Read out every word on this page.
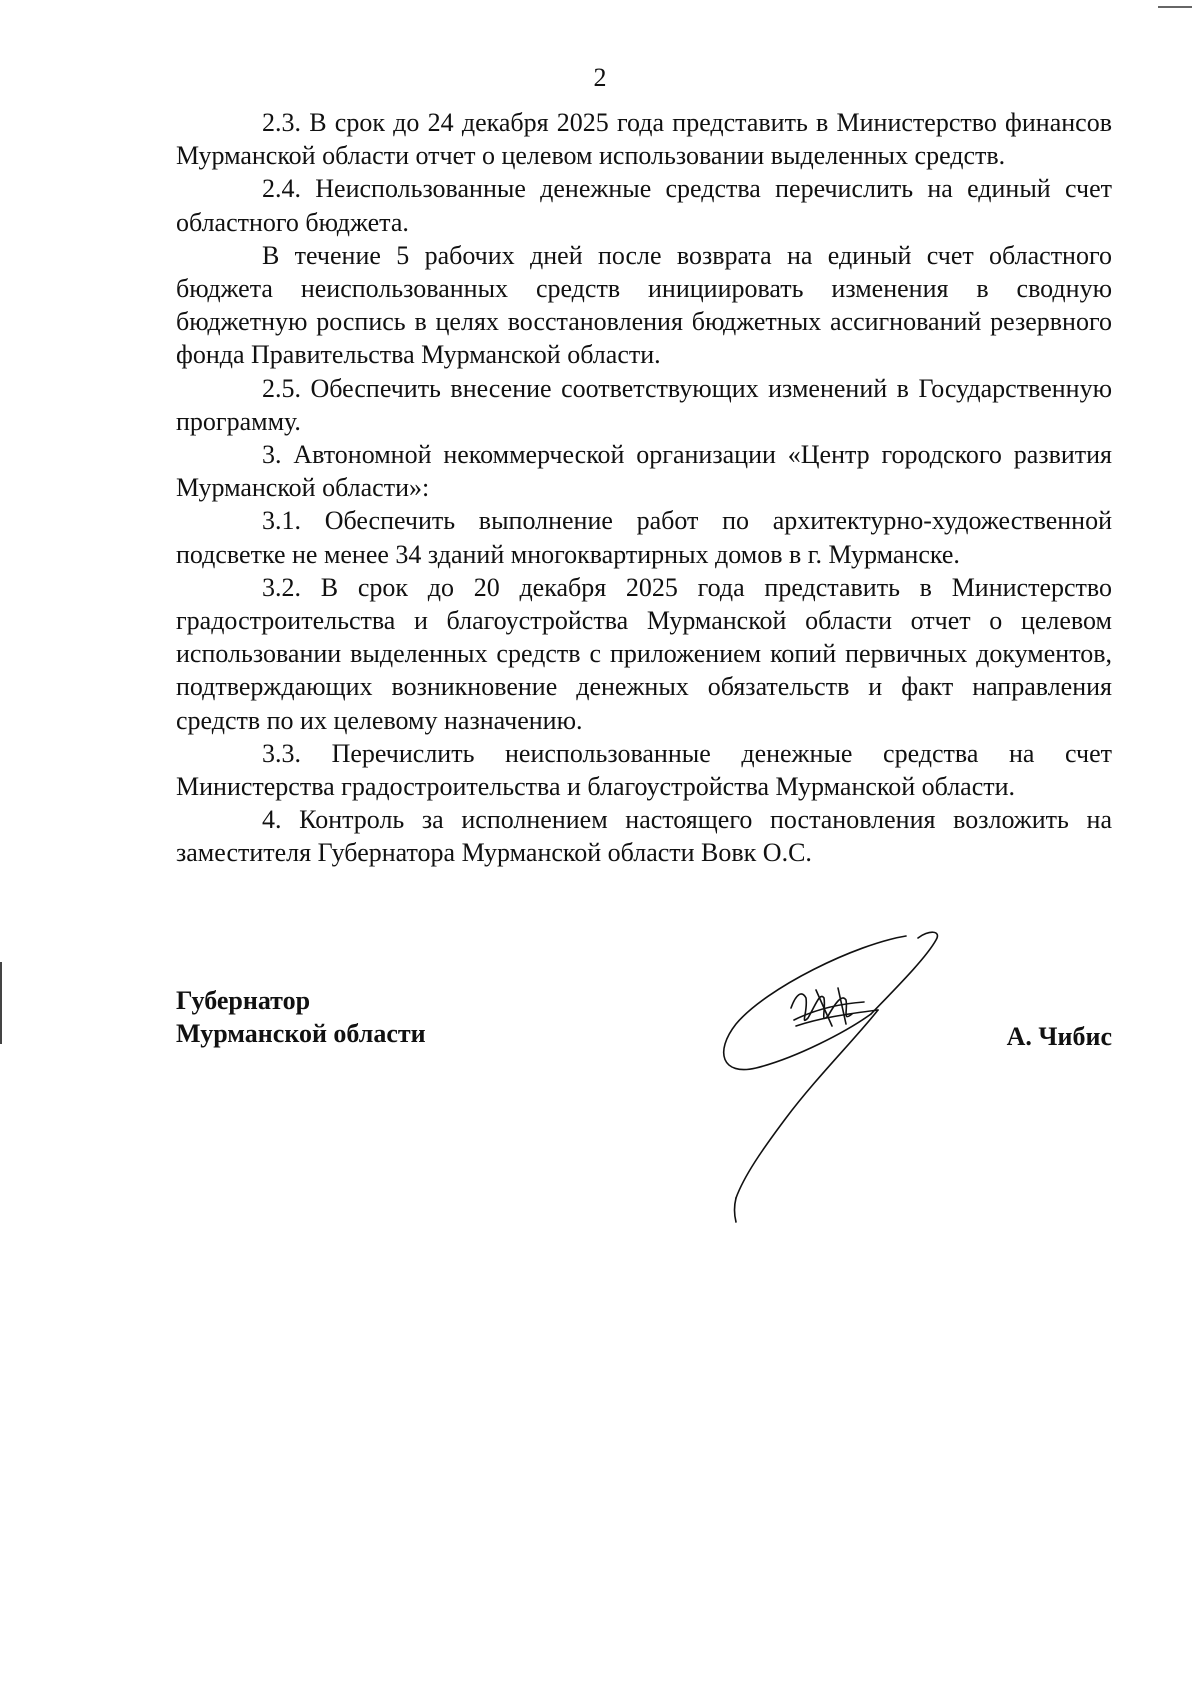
2

2.3. В срок до 24 декабря 2025 года представить в Министерство финансов Мурманской области отчет о целевом использовании выделенных средств.

2.4. Неиспользованные денежные средства перечислить на единый счет областного бюджета.

В течение 5 рабочих дней после возврата на единый счет областного бюджета неиспользованных средств инициировать изменения в сводную бюджетную роспись в целях восстановления бюджетных ассигнований резервного фонда Правительства Мурманской области.

2.5. Обеспечить внесение соответствующих изменений в Государственную программу.

3. Автономной некоммерческой организации «Центр городского развития Мурманской области»:

3.1. Обеспечить выполнение работ по архитектурно-художественной подсветке не менее 34 зданий многоквартирных домов в г. Мурманске.

3.2. В срок до 20 декабря 2025 года представить в Министерство градостроительства и благоустройства Мурманской области отчет о целевом использовании выделенных средств с приложением копий первичных документов, подтверждающих возникновение денежных обязательств и факт направления средств по их целевому назначению.

3.3. Перечислить неиспользованные денежные средства на счет Министерства градостроительства и благоустройства Мурманской области.

4. Контроль за исполнением настоящего постановления возложить на заместителя Губернатора Мурманской области Вовк О.С.

Губернатор
Мурманской области	А. Чибис
